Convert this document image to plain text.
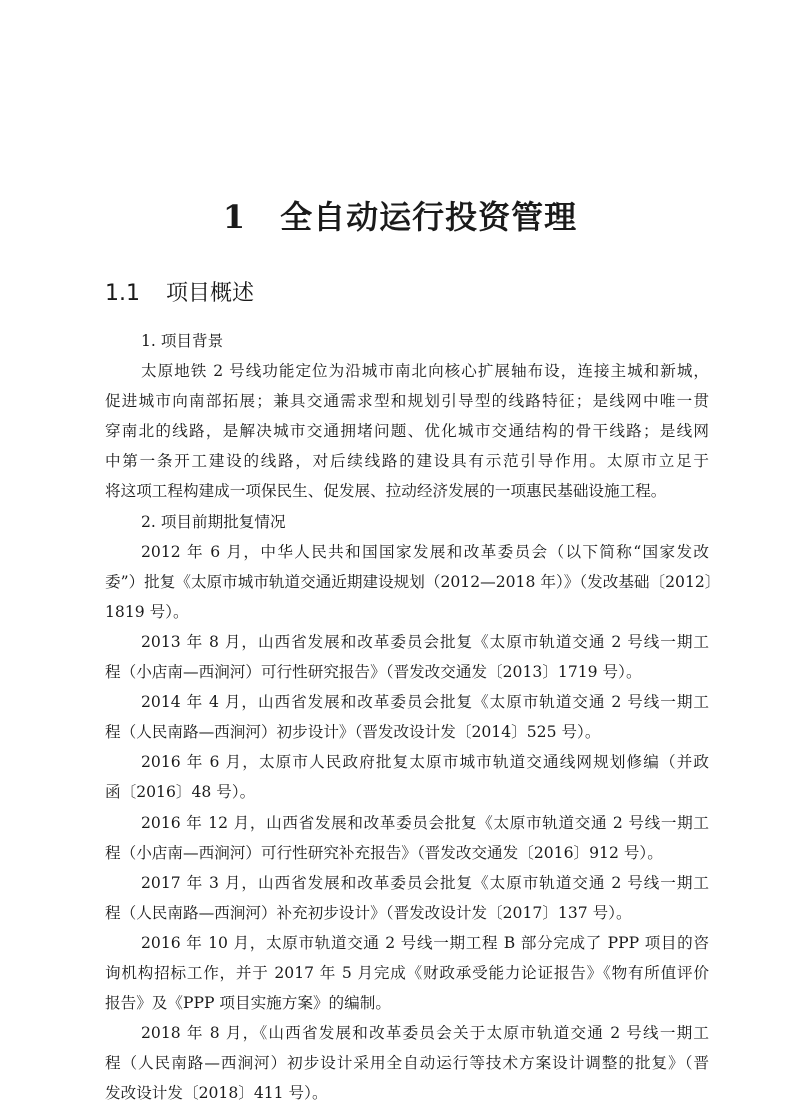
1 全自动运行投资管理
1.1 项目概述

1. 项目背景

太原地铁 2 号线功能定位为沿城市南北向核心扩展轴布设，连接主城和新城，
促进城市向南部拓展；兼具交通需求型和规划引导型的线路特征；是线网中唯一贯
穿南北的线路，是解决城市交通拥堵问题、优化城市交通结构的骨干线路；是线网
中第一条开工建设的线路，对后续线路的建设具有示范引导作用。太原市立足于
将这项工程构建成一项保民生、促发展、拉动经济发展的一项惠民基础设施工程。

2. 项目前期批复情况

2012 年 6 月，中华人民共和国国家发展和改革委员会（以下简称“国家发改
委”）批复《太原市城市轨道交通近期建设规划（2012—2018 年）》（发改基础〔2012〕
1819 号）。

2013 年 8 月，山西省发展和改革委员会批复《太原市轨道交通 2 号线一期工
程（小店南—西涧河）可行性研究报告》（晋发改交通发〔2013〕1719 号）。

2014 年 4 月，山西省发展和改革委员会批复《太原市轨道交通 2 号线一期工
程（人民南路—西涧河）初步设计》（晋发改设计发〔2014〕525 号）。

2016 年 6 月，太原市人民政府批复太原市城市轨道交通线网规划修编（并政
函〔2016〕48 号）。

2016 年 12 月，山西省发展和改革委员会批复《太原市轨道交通 2 号线一期工
程（小店南—西涧河）可行性研究补充报告》（晋发改交通发〔2016〕912 号）。

2017 年 3 月，山西省发展和改革委员会批复《太原市轨道交通 2 号线一期工
程（人民南路—西涧河）补充初步设计》（晋发改设计发〔2017〕137 号）。

2016 年 10 月，太原市轨道交通 2 号线一期工程 B 部分完成了 PPP 项目的咨
询机构招标工作，并于 2017 年 5 月完成《财政承受能力论证报告》《物有所值评价
报告》及《PPP 项目实施方案》的编制。

2018 年 8 月，《山西省发展和改革委员会关于太原市轨道交通 2 号线一期工
程（人民南路—西涧河）初步设计采用全自动运行等技术方案设计调整的批复》（晋
发改设计发〔2018〕411 号）。
